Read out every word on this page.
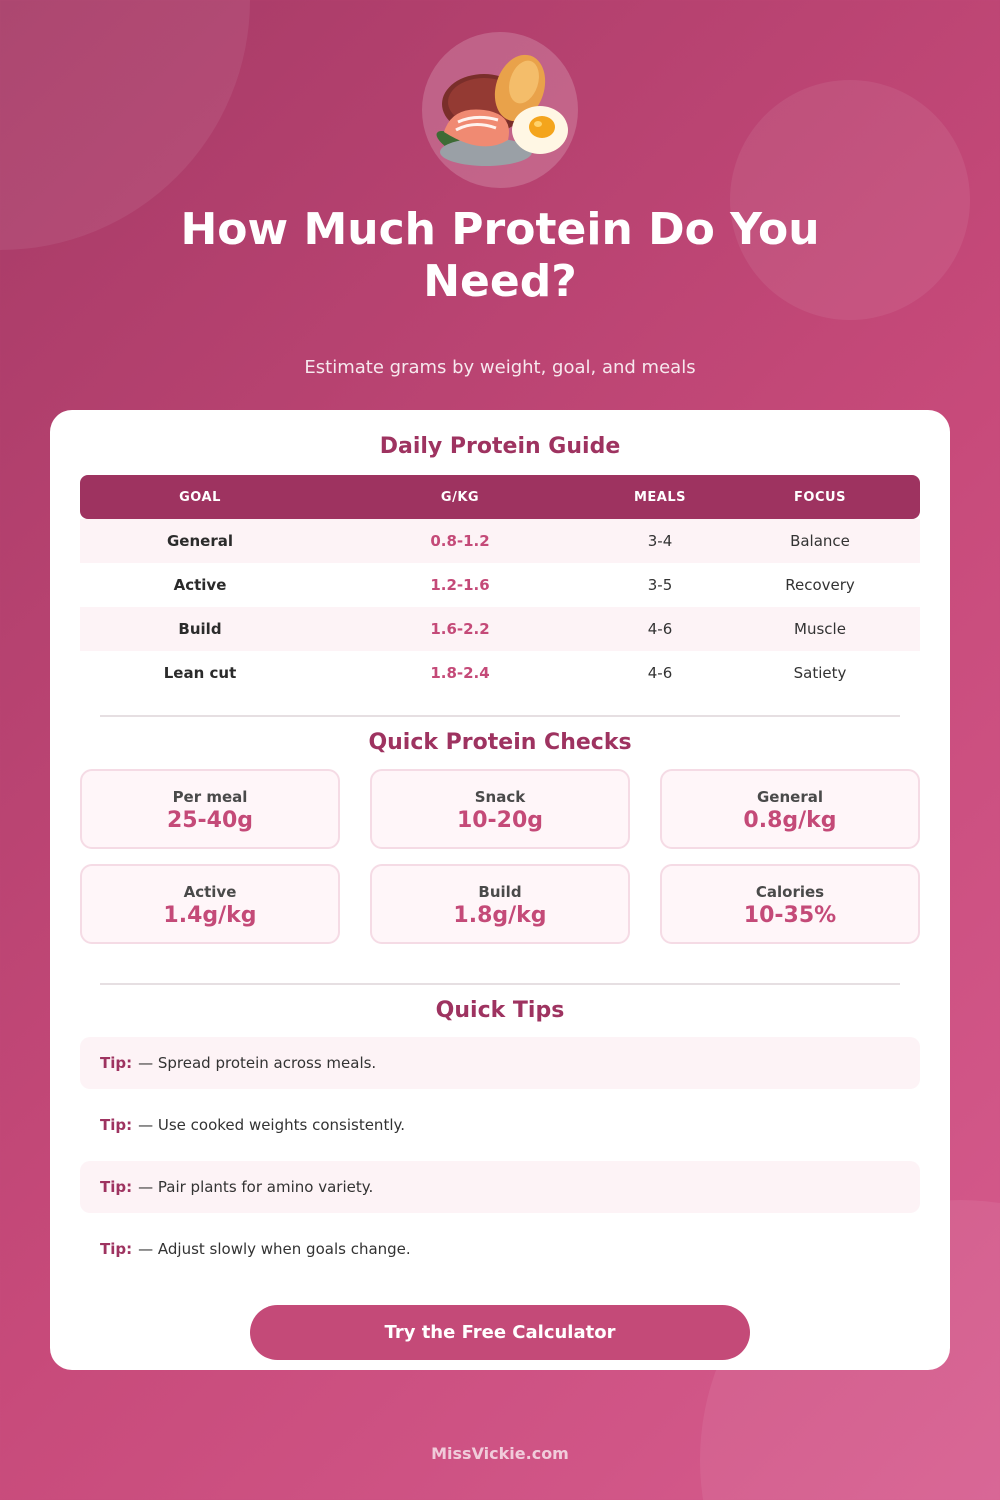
How Much Protein Do You Need?
Estimate grams by weight, goal, and meals
Daily Protein Guide
GOAL	G/KG	MEALS	FOCUS
General	0.8-1.2	3-4	Balance
Active	1.2-1.6	3-5	Recovery
Build	1.6-2.2	4-6	Muscle
Lean cut	1.8-2.4	4-6	Satiety
Quick Protein Checks
Per meal
25-40g
Snack
10-20g
General
0.8g/kg
Active
1.4g/kg
Build
1.8g/kg
Calories
10-35%
Quick Tips
Tip: — Spread protein across meals.
Tip: — Use cooked weights consistently.
Tip: — Pair plants for amino variety.
Tip: — Adjust slowly when goals change.
Try the Free Calculator
MissVickie.com
